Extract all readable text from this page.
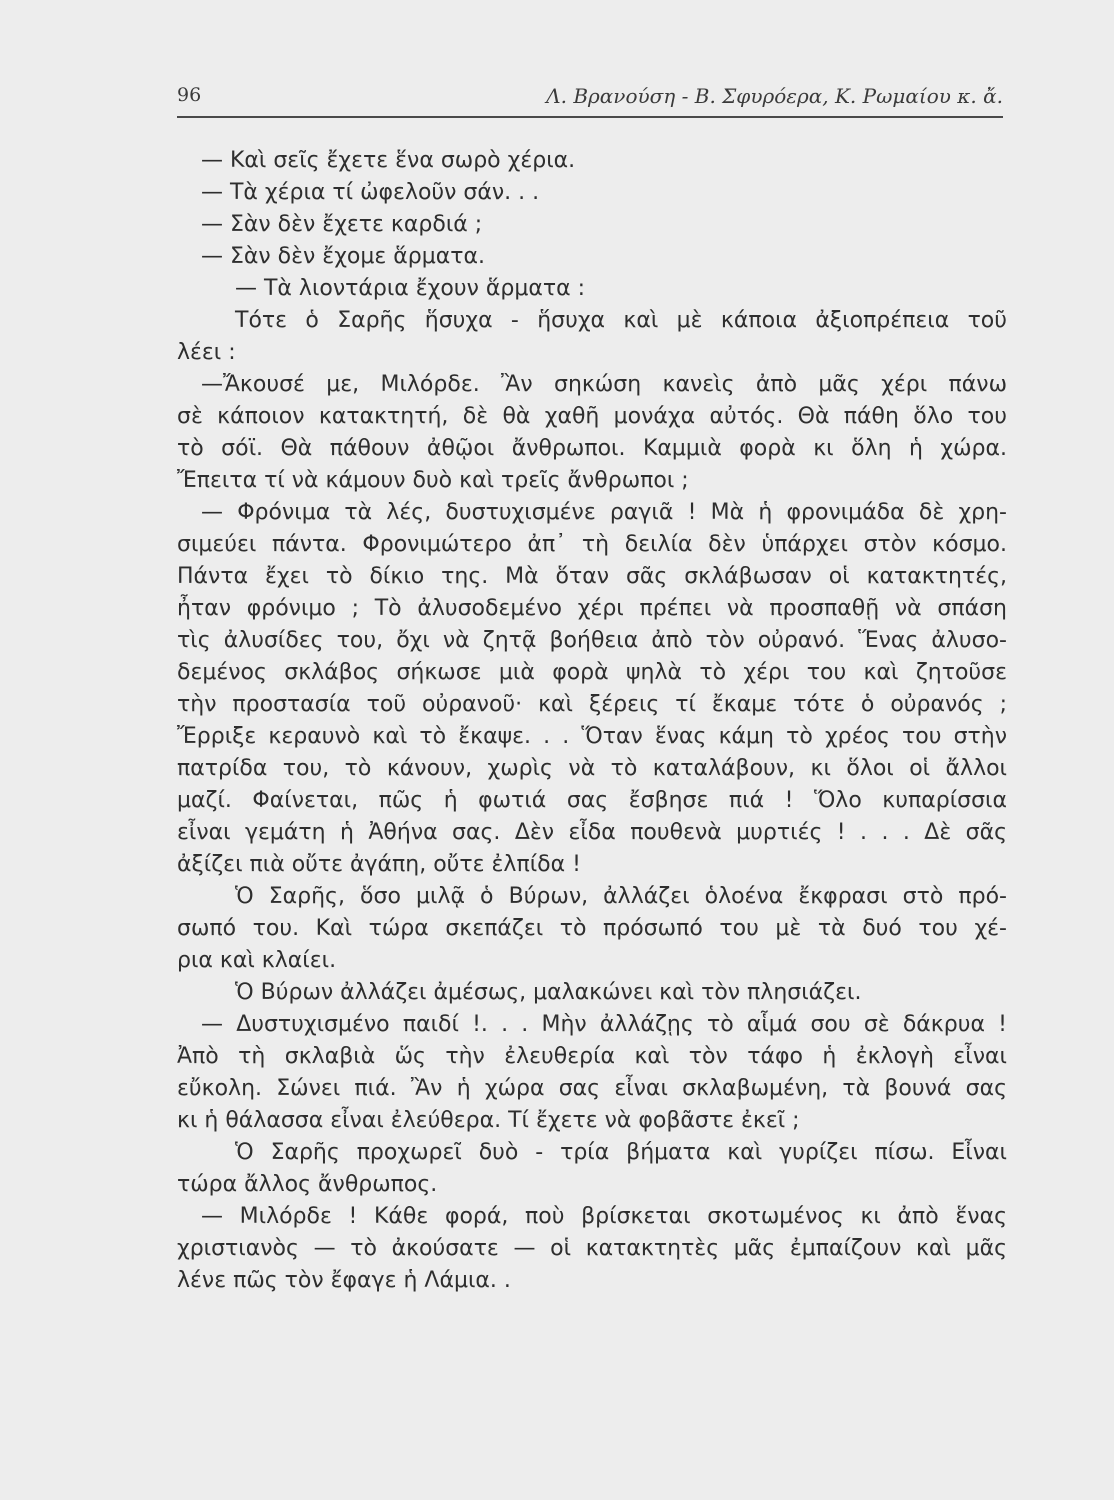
96	Λ. Βρανούση - Β. Σφυρόερα, Κ. Ρωμαίου κ. ἄ.
— Καὶ σεῖς ἔχετε ἕνα σωρὸ χέρια.
— Τὰ χέρια τί ὠφελοῦν σάν. . .
— Σὰν δὲν ἔχετε καρδιά ;
— Σὰν δὲν ἔχομε ἅρματα.
— Τὰ λιοντάρια ἔχουν ἅρματα :
Τότε ὁ Σαρῆς ἥσυχα - ἥσυχα καὶ μὲ κάποια ἀξιοπρέπεια τοῦ
λέει :
—Ἄκουσέ με, Μιλόρδε. Ἂν σηκώση κανεὶς ἀπὸ μᾶς χέρι πάνω
σὲ κάποιον κατακτητή, δὲ θὰ χαθῆ μονάχα αὐτός. Θὰ πάθη ὅλο του
τὸ σόϊ. Θὰ πάθουν ἀθῷοι ἄνθρωποι. Καμμιὰ φορὰ κι ὅλη ἡ χώρα.
Ἔπειτα τί νὰ κάμουν δυὸ καὶ τρεῖς ἄνθρωποι ;
— Φρόνιμα τὰ λές, δυστυχισμένε ραγιᾶ ! Μὰ ἡ φρονιμάδα δὲ χρη-
σιμεύει πάντα. Φρονιμώτερο ἀπ᾽ τὴ δειλία δὲν ὑπάρχει στὸν κόσμο.
Πάντα ἔχει τὸ δίκιο της. Μὰ ὅταν σᾶς σκλάβωσαν οἱ κατακτητές,
ἦταν φρόνιμο ; Τὸ ἀλυσοδεμένο χέρι πρέπει νὰ προσπαθῇ νὰ σπάση
τὶς ἀλυσίδες του, ὄχι νὰ ζητᾷ βοήθεια ἀπὸ τὸν οὐρανό. Ἕνας ἀλυσο-
δεμένος σκλάβος σήκωσε μιὰ φορὰ ψηλὰ τὸ χέρι του καὶ ζητοῦσε
τὴν προστασία τοῦ οὐρανοῦ· καὶ ξέρεις τί ἔκαμε τότε ὁ οὐρανός ;
Ἔρριξε κεραυνὸ καὶ τὸ ἔκαψε. . . Ὅταν ἕνας κάμη τὸ χρέος του στὴν
πατρίδα του, τὸ κάνουν, χωρὶς νὰ τὸ καταλάβουν, κι ὅλοι οἱ ἄλλοι
μαζί. Φαίνεται, πῶς ἡ φωτιά σας ἔσβησε πιά ! Ὅλο κυπαρίσσια
εἶναι γεμάτη ἡ Ἀθήνα σας. Δὲν εἶδα πουθενὰ μυρτιές ! . . . Δὲ σᾶς
ἀξίζει πιὰ οὔτε ἀγάπη, οὔτε ἐλπίδα !
Ὁ Σαρῆς, ὅσο μιλᾷ ὁ Βύρων, ἀλλάζει ὁλοένα ἔκφρασι στὸ πρό-
σωπό του. Καὶ τώρα σκεπάζει τὸ πρόσωπό του μὲ τὰ δυό του χέ-
ρια καὶ κλαίει.
Ὁ Βύρων ἀλλάζει ἀμέσως, μαλακώνει καὶ τὸν πλησιάζει.
— Δυστυχισμένο παιδί !. . . Μὴν ἀλλάζῃς τὸ αἷμά σου σὲ δάκρυα !
Ἀπὸ τὴ σκλαβιὰ ὥς τὴν ἐλευθερία καὶ τὸν τάφο ἡ ἐκλογὴ εἶναι
εὔκολη. Σώνει πιά. Ἂν ἡ χώρα σας εἶναι σκλαβωμένη, τὰ βουνά σας
κι ἡ θάλασσα εἶναι ἐλεύθερα. Τί ἔχετε νὰ φοβᾶστε ἐκεῖ ;
Ὁ Σαρῆς προχωρεῖ δυὸ - τρία βήματα καὶ γυρίζει πίσω. Εἶναι
τώρα ἄλλος ἄνθρωπος.
— Μιλόρδε ! Κάθε φορά, ποὺ βρίσκεται σκοτωμένος κι ἀπὸ ἕνας
χριστιανὸς — τὸ ἀκούσατε — οἱ κατακτητὲς μᾶς ἐμπαίζουν καὶ μᾶς
λένε πῶς τὸν ἔφαγε ἡ Λάμια. .
